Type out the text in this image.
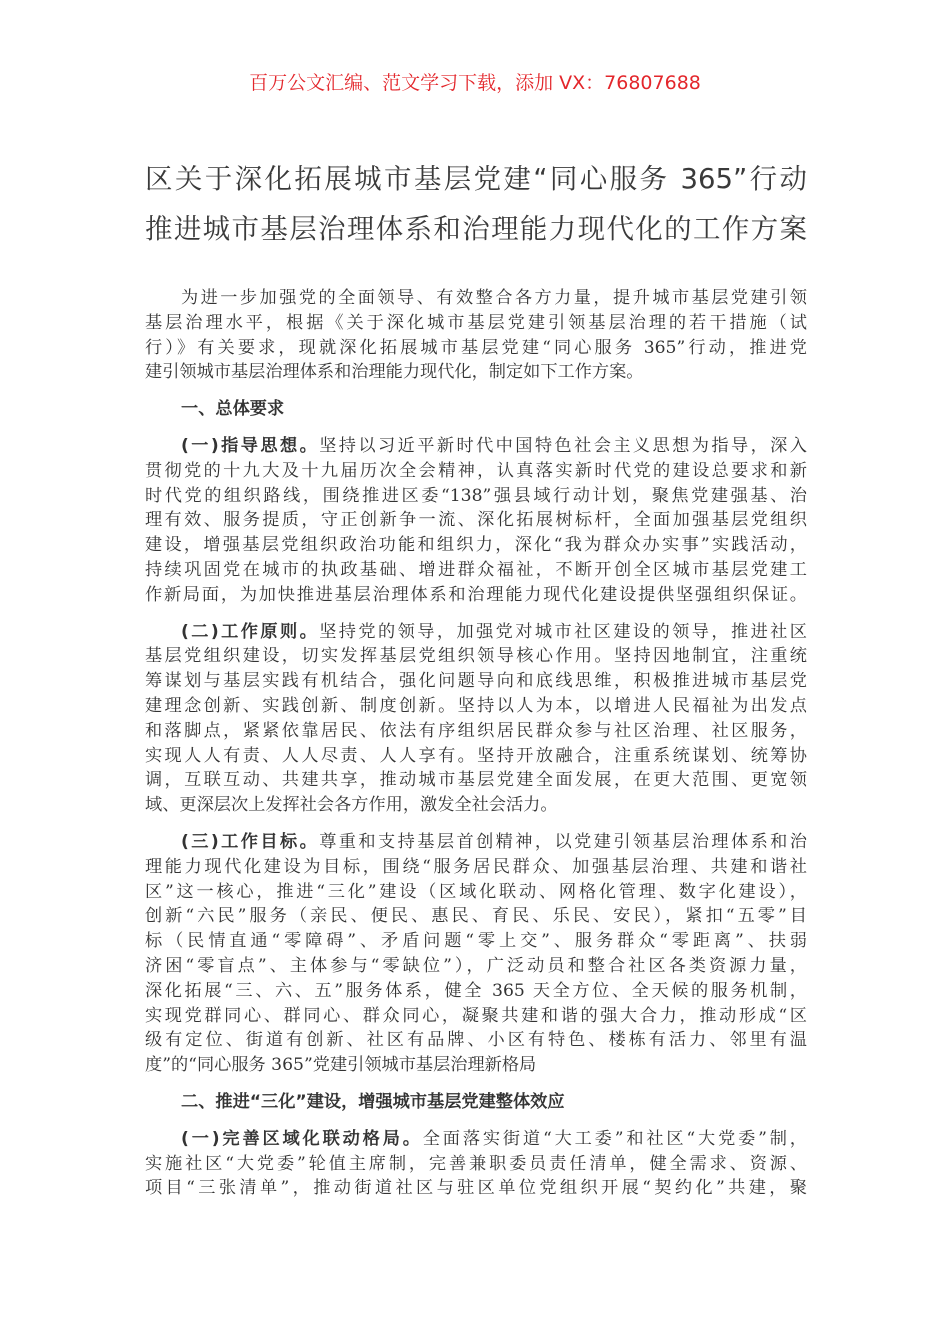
百万公文汇编、范文学习下载，添加 VX：76807688
区关于深化拓展城市基层党建“同心服务 365”行动
推进城市基层治理体系和治理能力现代化的工作方案
为进一步加强党的全面领导、有效整合各方力量，提升城市基层党建引领
基层治理水平，根据《关于深化城市基层党建引领基层治理的若干措施（试
行）》有关要求，现就深化拓展城市基层党建“同心服务 365”行动，推进党
建引领城市基层治理体系和治理能力现代化，制定如下工作方案。
一、总体要求
(一)指导思想。坚持以习近平新时代中国特色社会主义思想为指导，深入
贯彻党的十九大及十九届历次全会精神，认真落实新时代党的建设总要求和新
时代党的组织路线，围绕推进区委“138”强县域行动计划，聚焦党建强基、治
理有效、服务提质，守正创新争一流、深化拓展树标杆，全面加强基层党组织
建设，增强基层党组织政治功能和组织力，深化“我为群众办实事”实践活动，
持续巩固党在城市的执政基础、增进群众福祉，不断开创全区城市基层党建工
作新局面，为加快推进基层治理体系和治理能力现代化建设提供坚强组织保证。
(二)工作原则。坚持党的领导，加强党对城市社区建设的领导，推进社区
基层党组织建设，切实发挥基层党组织领导核心作用。坚持因地制宜，注重统
筹谋划与基层实践有机结合，强化问题导向和底线思维，积极推进城市基层党
建理念创新、实践创新、制度创新。坚持以人为本，以增进人民福祉为出发点
和落脚点，紧紧依靠居民、依法有序组织居民群众参与社区治理、社区服务，
实现人人有责、人人尽责、人人享有。坚持开放融合，注重系统谋划、统筹协
调，互联互动、共建共享，推动城市基层党建全面发展，在更大范围、更宽领
域、更深层次上发挥社会各方作用，激发全社会活力。
(三)工作目标。尊重和支持基层首创精神，以党建引领基层治理体系和治
理能力现代化建设为目标，围绕“服务居民群众、加强基层治理、共建和谐社
区”这一核心，推进“三化”建设（区域化联动、网格化管理、数字化建设），
创新“六民”服务（亲民、便民、惠民、育民、乐民、安民），紧扣“五零”目
标（民情直通“零障碍”、矛盾问题“零上交”、服务群众“零距离”、扶弱
济困“零盲点”、主体参与“零缺位”），广泛动员和整合社区各类资源力量，
深化拓展“三、六、五”服务体系，健全 365 天全方位、全天候的服务机制，
实现党群同心、群同心、群众同心，凝聚共建和谐的强大合力，推动形成“区
级有定位、街道有创新、社区有品牌、小区有特色、楼栋有活力、邻里有温
度”的“同心服务 365”党建引领城市基层治理新格局
二、推进“三化”建设，增强城市基层党建整体效应
(一)完善区域化联动格局。全面落实街道“大工委”和社区“大党委”制，
实施社区“大党委”轮值主席制，完善兼职委员责任清单，健全需求、资源、
项目“三张清单”，推动街道社区与驻区单位党组织开展“契约化”共建，聚
